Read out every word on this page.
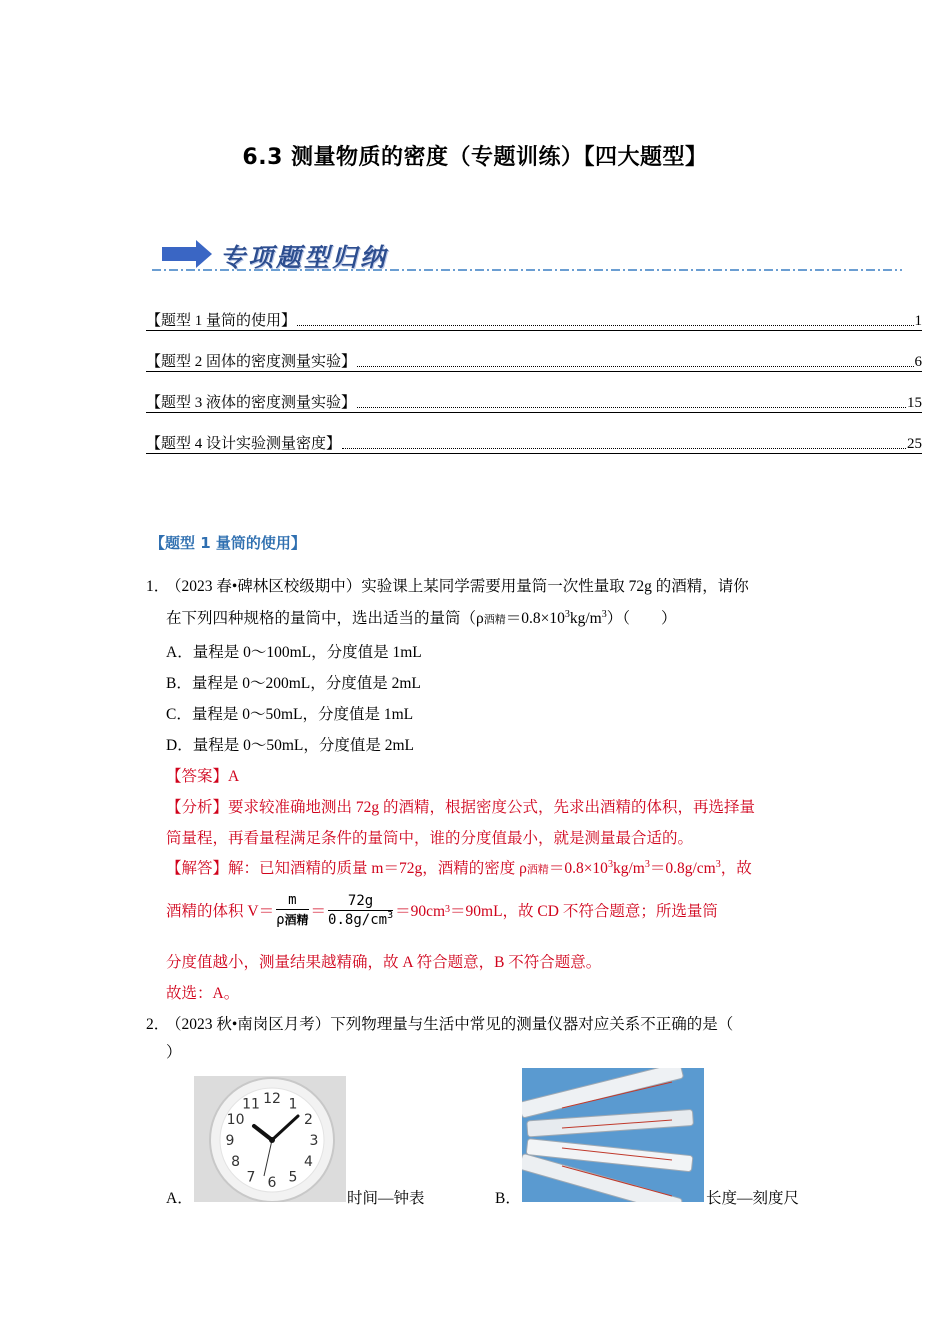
6.3 测量物质的密度（专题训练）【四大题型】
专项题型归纳
【题型 1 量筒的使用】	1
【题型 2 固体的密度测量实验】	6
【题型 3 液体的密度测量实验】	15
【题型 4 设计实验测量密度】	25
【题型 1 量筒的使用】
1．
（2023 春•碑林区校级期中）实验课上某同学需要用量筒一次性量取 72g 的酒精，请你
在下列四种规格的量筒中，选出适当的量筒（ρ酒精$=0.8\times 10^3kg/m^3$）（　　）
A．量程是 0～100mL，分度值是 1mL
B．量程是 0～200mL，分度值是 2mL
C．量程是 0～50mL，分度值是 1mL
D．量程是 0～50mL，分度值是 2mL
【答案】A
【分析】要求较准确地测出 72g 的酒精，根据密度公式，先求出酒精的体积，再选择量
筒量程，再看量程满足条件的量筒中，谁的分度值最小，就是测量最合适的。
【解答】解：已知酒精的质量 m＝72g，酒精的密度 ρ酒精$=0.8\times 10^3kg/m^3=0.8g/cm^3$，故
酒精的体积 $V= \frac{m}{\text{ρ酒精}} = \frac{72g}{0.8g/cm^3} =90cm$ 3 ＝90mL，故 CD 不符合题意；所选量筒
分度值越小，测量结果越精确，故 A 符合题意，B 不符合题意。
故选：A。
2．
（2023 秋•南岗区月考）下列物理量与生活中常见的测量仪器对应关系不正确的是（
）
A．
12 1
2
3
4
5
6
7
8
9
10
11
时间—钟表	B．	长度—刻度尺
